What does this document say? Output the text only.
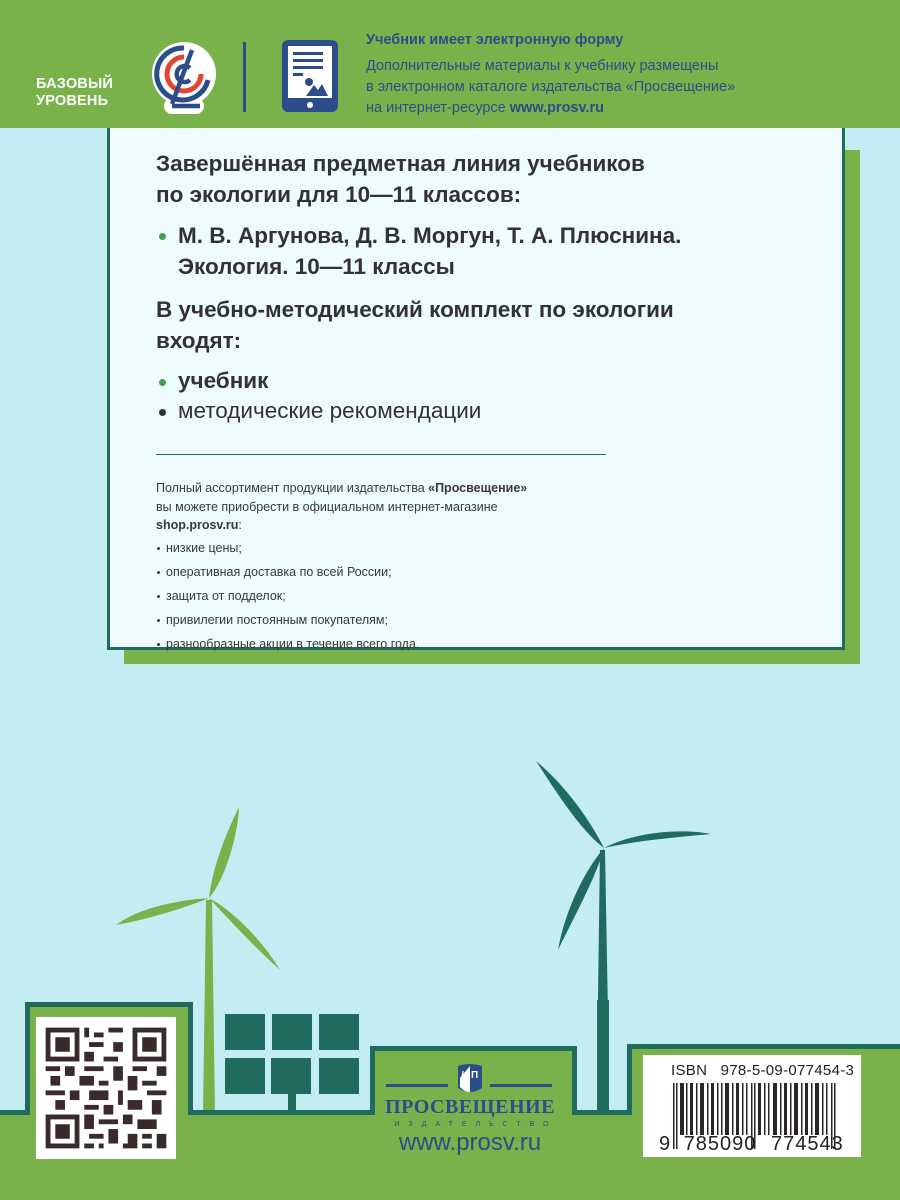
БАЗОВЫЙ
УРОВЕНЬ
Учебник имеет электронную форму
Дополнительные материалы к учебнику размещены
в электронном каталоге издательства «Просвещение»
на интернет-ресурсе www.prosv.ru
Завершённая предметная линия учебников
по экологии для 10—11 классов:
М. В. Аргунова, Д. В. Моргун, Т. А. Плюснина.
Экология. 10—11 классы
В учебно-методический комплект по экологии
входят:
учебник
методические рекомендации
Полный ассортимент продукции издательства «Просвещение»
вы можете приобрести в официальном интернет-магазине
shop.prosv.ru:
низкие цены;
оперативная доставка по всей России;
защита от подделок;
привилегии постоянным покупателям;
разнообразные акции в течение всего года.
И П
ПРОСВЕЩЕНИЕ
ИЗДАТЕЛЬСТВО
www.prosv.ru
ISBN 978-5-09-077454-3
9 785090 774543
